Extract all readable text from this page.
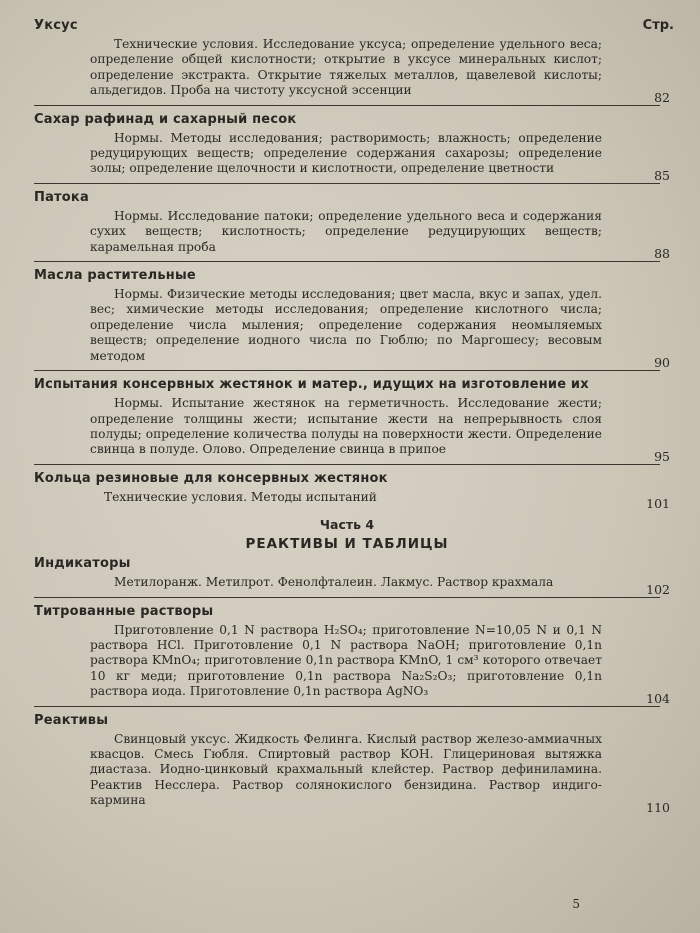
Уксус	Стр.
Технические условия. Исследование уксуса; определение удельного веса; определение общей кислотности; открытие в уксусе минеральных кислот; определение экстракта. Открытие тяжелых металлов, щавелевой кислоты; альдегидов. Проба на чистоту уксусной эссенции	82
Сахар рафинад и сахарный песок
Нормы. Методы исследования; растворимость; влажность; определение редуцирующих веществ; определение содержания сахарозы; определение золы; определение щелочности и кислотности, определение цветности	85
Патока
Нормы. Исследование патоки; определение удельного веса и содержания сухих веществ; кислотность; определение редуцирующих веществ; карамельная проба	88
Масла растительные
Нормы. Физические методы исследования; цвет масла, вкус и запах, удел. вес; химические методы исследования; определение кислотного числа; определение числа мыления; определение содержания неомыляемых веществ; определение иодного числа по Гюблю; по Маргошесу; весовым методом	90
Испытания консервных жестянок и матер., идущих на изготовление их
Нормы. Испытание жестянок на герметичность. Исследование жести; определение толщины жести; испытание жести на непрерывность слоя полуды; определение количества полуды на поверхности жести. Определение свинца в полуде. Олово. Определение свинца в припое	95
Кольца резиновые для консервных жестянок
Технические условия. Методы испытаний	101
Часть 4
РЕАКТИВЫ И ТАБЛИЦЫ
Индикаторы
Метилоранж. Метилрот. Фенолфталеин. Лакмус. Раствор крахмала	102
Титрованные растворы
Приготовление 0,1 N раствора H₂SO₄; приготовление N=10,05 N и 0,1 N раствора HCl. Приготовление 0,1 N раствора NaOH; приготовление 0,1n раствора KMnO₄; приготовление 0,1n раствора KMnO, 1 см³ которого отвечает 10 кг меди; приготовление 0,1n раствора Na₂S₂O₃; приготовление 0,1n раствора иода. Приготовление 0,1n раствора AgNO₃	104
Реактивы
Свинцовый уксус. Жидкость Фелинга. Кислый раствор железо-аммиачных квасцов. Смесь Гюбля. Спиртовый раствор KOH. Глицериновая вытяжка диастаза. Иодно-цинковый крахмальный клейстер. Раствор дефиниламина. Реактив Несслера. Раствор солянокислого бензидина. Раствор индиго-кармина	110
5
